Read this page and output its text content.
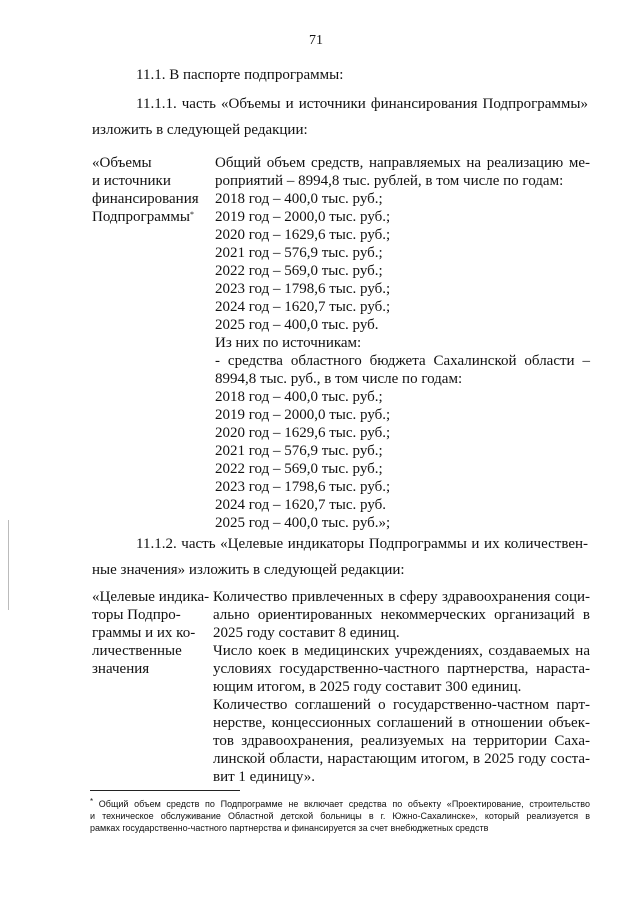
71
11.1. В паспорте подпрограммы:
11.1.1. часть «Объемы и источники финансирования Подпрограммы»
изложить в следующей редакции:
«Объемы
и источники
финансирования
Подпрограммы*
Общий объем средств, направляемых на реализацию ме-
роприятий – 8994,8 тыс. рублей, в том числе по годам:
2018 год – 400,0 тыс. руб.;
2019 год – 2000,0 тыс. руб.;
2020 год – 1629,6 тыс. руб.;
2021 год – 576,9 тыс. руб.;
2022 год – 569,0 тыс. руб.;
2023 год – 1798,6 тыс. руб.;
2024 год – 1620,7 тыс. руб.;
2025 год – 400,0 тыс. руб.
Из них по источникам:
- средства областного бюджета Сахалинской области –
8994,8 тыс. руб., в том числе по годам:
2018 год – 400,0 тыс. руб.;
2019 год – 2000,0 тыс. руб.;
2020 год – 1629,6 тыс. руб.;
2021 год – 576,9 тыс. руб.;
2022 год – 569,0 тыс. руб.;
2023 год – 1798,6 тыс. руб.;
2024 год – 1620,7 тыс. руб.
2025 год – 400,0 тыс. руб.»;
11.1.2. часть «Целевые индикаторы Подпрограммы и их количествен-
ные значения» изложить в следующей редакции:
«Целевые индика-
торы Подпро-
граммы и их ко-
личественные
значения
Количество привлеченных в сферу здравоохранения соци-
ально ориентированных некоммерческих организаций в
2025 году составит 8 единиц.
Число коек в медицинских учреждениях, создаваемых на
условиях государственно-частного партнерства, нараста-
ющим итогом, в 2025 году составит 300 единиц.
Количество соглашений о государственно-частном парт-
нерстве, концессионных соглашений в отношении объек-
тов здравоохранения, реализуемых на территории Саха-
линской области, нарастающим итогом, в 2025 году соста-
вит 1 единицу».
* Общий объем средств по Подпрограмме не включает средства по объекту «Проектирование, строительство
и техническое обслуживание Областной детской больницы в г. Южно-Сахалинске», который реализуется в
рамках государственно-частного партнерства и финансируется за счет внебюджетных средств
